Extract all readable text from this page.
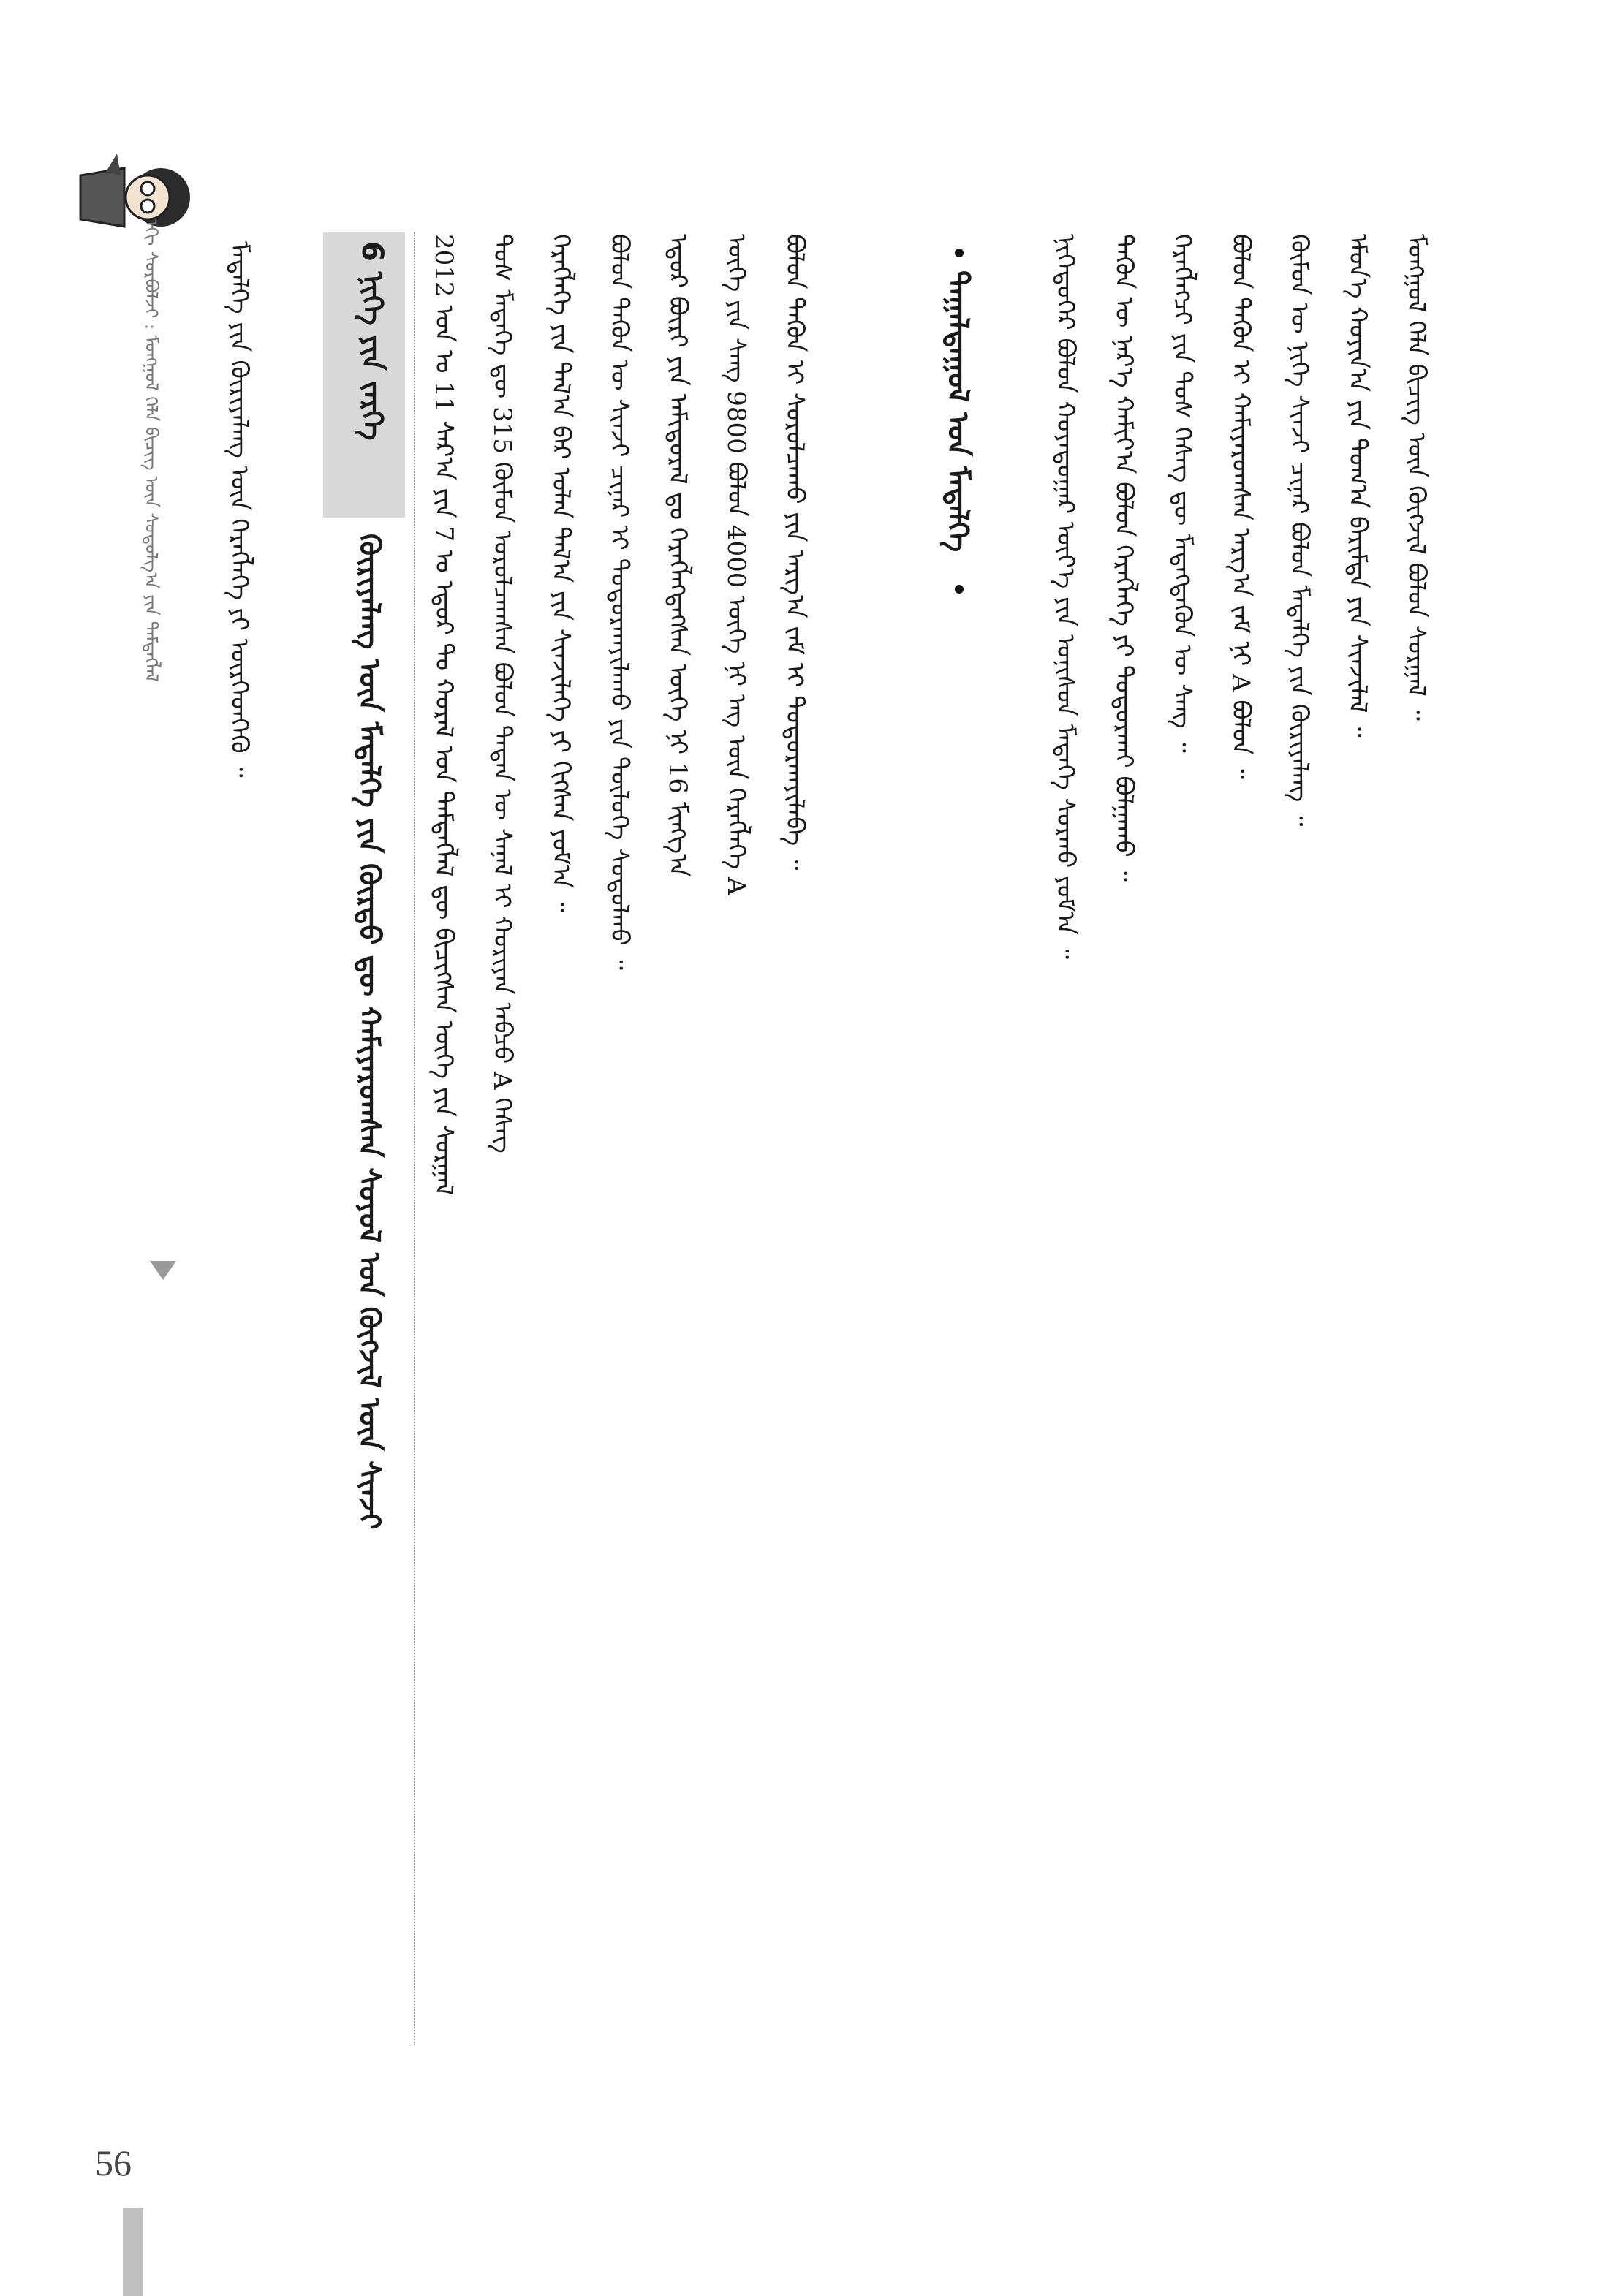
56
ᠡᠬᠢ ᠰᠤᠷᠪᠤᠯᠵᠢ : ᠮᠣᠩᠭᠣᠯ ᠬᠡᠯᠡ ᠪᠢᠴᠢᠭ ᠦᠨ ᠰᠤᠳᠤᠯᠭ᠎ᠠ ᠶᠢᠨ ᠲᠡᠮᠳᠡᠭᠯᠡᠯ	ᠮᠡᠳᠡᠯᠭᠡ ᠶᠢᠨ ᠬᠦᠷᠢᠶᠡᠯᠡᠩ ᠦᠨ ᠬᠡᠷᠡᠭᠯᠡᠭᠡ ᠶᠢ ᠥᠷᠭᠡᠳᠬᠡᠬᠦ ᠃	6 ᠨᠢᠭᠡ ᠶᠢᠨ ᠵᠡᠷᠭᠡ
ᠬᠦᠷᠢᠶᠡᠯᠡᠩ ᠦᠨ ᠮᠡᠳᠡᠯᠭᠡ ᠶᠢᠨ ᠬᠦᠷᠳᠦ ᠳᠦ ᠬᠠᠮᠢᠶᠠᠷᠤᠭᠰᠠᠨ ᠰᠣᠶᠣᠯ ᠤᠨ ᠬᠥᠭᠵᠢᠯ ᠦᠨ ᠰᠢᠨᠵᠢ	2012 ᠣᠨ ᠤ 11 ᠰᠠᠷ᠎ᠠ ᠶᠢᠨ 7 ᠤ ᠡᠳᠦᠷ ᠲᠤ ᠬᠤᠷᠠᠯ ᠤᠨ ᠲᠡᠮᠳᠡᠭᠯᠡᠯ ᠳᠦ ᠪᠢᠴᠢᠭᠰᠡᠨ ᠦᠭᠡ ᠶᠢᠨ ᠰᠤᠷᠭᠠᠯ ᠲᠤᠰ ᠮᠡᠳᠡᠭᠡ ᠳᠦ 315 ᠬᠦᠮᠦᠨ ᠣᠷᠣᠯᠴᠠᠭᠰᠠᠨ ᠪᠣᠯᠤᠨ ᠲᠡᠳᠡᠨ ᠦ ᠰᠠᠨᠠᠯ ᠢ ᠬᠤᠷᠢᠶᠠᠨ ᠠᠪᠴᠤ A ᠬᠡᠰᠡᠭ ᠬᠡᠷᠡᠭᠯᠡᠭᠡ ᠶᠢᠨ ᠲᠠᠯ᠎ᠠ ᠪᠠᠷ ᠣᠯᠠᠨ ᠲᠠᠯ᠎ᠠ ᠶᠢᠨ ᠰᠢᠨᠵᠢᠯᠡᠭᠡ ᠶᠢ ᠬᠢᠭᠰᠡᠨ ᠶᠤᠮ᠎ᠠ ᠃ ᠪᠣᠯᠤᠨ ᠲᠡᠭᠦᠨ ᠦ ᠰᠢᠨᠵᠢ ᠴᠢᠨᠠᠷ ᠢ ᠲᠣᠳᠤᠷᠬᠠᠶᠢᠯᠠᠬᠤ ᠶᠢᠨ ᠲᠥᠯᠦᠭᠡ ᠰᠤᠳᠤᠯᠬᠤ ᠃ ᠡᠳᠦᠷ ᠪᠦᠷᠢ ᠶᠢᠨ ᠠᠮᠢᠳᠤᠷᠠᠯ ᠳᠤ ᠬᠡᠷᠡᠭᠯᠡᠭᠳᠡᠭᠰᠡᠨ ᠦᠭᠡ ᠨᠢ 16 ᠮᠢᠩᠭ᠎ᠠ ᠦᠭᠡ ᠶᠢᠨ ᠰᠠᠩ 9800 ᠪᠣᠯᠤᠨ 4000 ᠦᠭᠡ ᠨᠢ ᠡᠩ ᠦᠨ ᠬᠡᠷᠡᠭᠯᠡᠭᠡ A ᠪᠣᠯᠤᠨ ᠲᠡᠭᠦᠨ ᠢ ᠰᠤᠷᠤᠯᠴᠠᠬᠤ ᠶᠢᠨ ᠠᠷᠭ᠎ᠠ ᠵᠠᠮ ᠢ ᠲᠣᠳᠤᠷᠬᠠᠶᠢᠯᠠᠪᠠ ᠃	ᠳᠠᠭᠠᠯᠳᠠᠭᠤᠯ ᠤᠨ ᠮᠡᠳᠡᠯᠭᠡ	ᠨᠢᠭᠡᠳᠦᠭᠡᠷ ᠪᠣᠯᠤᠨ ᠬᠣᠶᠠᠳᠤᠭᠠᠷ ᠦᠶ᠎ᠡ ᠶᠢᠨ ᠣᠨᠢᠰᠤᠨ ᠮᠡᠳᠡᠭᠡ ᠰᠤᠷᠬᠤ ᠶᠤᠮ᠎ᠠ ᠃ ᠲᠡᠭᠦᠨ ᠦ ᠨᠡᠷ᠎ᠡ ᠬᠠᠮᠢᠶ᠎ᠠ ᠪᠣᠯᠤᠨ ᠬᠡᠷᠡᠭᠯᠡᠭᠡ ᠶᠢ ᠲᠣᠳᠤᠷᠬᠠᠶ ᠪᠣᠯᠭᠠᠬᠤ ᠃ ᠬᠡᠷᠡᠭᠯᠡᠭᠴᠢ ᠶᠢᠨ ᠲᠤᠰ ᠬᠡᠰᠡᠭ ᠳᠦ ᠮᠡᠳᠡᠭᠳᠡᠬᠦᠨ ᠦ ᠰᠠᠩ ᠃ ᠪᠣᠯᠤᠨ ᠲᠡᠭᠦᠨ ᠢ ᠬᠠᠮᠢᠶᠠᠷᠤᠭᠰᠠᠨ ᠠᠷᠭ᠎ᠠ ᠵᠠᠮ ᠨᠢ A ᠪᠣᠯᠤᠨ ᠃ ᠬᠦᠮᠦᠨ ᠦ ᠨᠢᠭᠡ ᠰᠢᠨᠵᠢ ᠴᠢᠨᠠᠷ ᠪᠣᠯᠤᠨ ᠮᠡᠳᠡᠯᠭᠡ ᠶᠢᠨ ᠬᠦᠷᠢᠶᠡᠯᠡᠩ ᠃ ᠡᠮᠦᠨ᠎ᠡ ᠬᠣᠶᠢᠨ᠎ᠠ ᠶᠢᠨ ᠲᠣᠭ᠎ᠠ ᠪᠠᠷᠢᠮᠲᠠ ᠶᠢᠨ ᠰᠢᠨᠵᠢᠯᠡᠯ ᠃ ᠮᠣᠩᠭᠣᠯ ᠬᠡᠯᠡ ᠪᠢᠴᠢᠭ ᠦᠨ ᠬᠥᠭᠵᠢᠯ ᠪᠣᠯᠤᠨ ᠰᠤᠷᠭᠠᠯ ᠃
